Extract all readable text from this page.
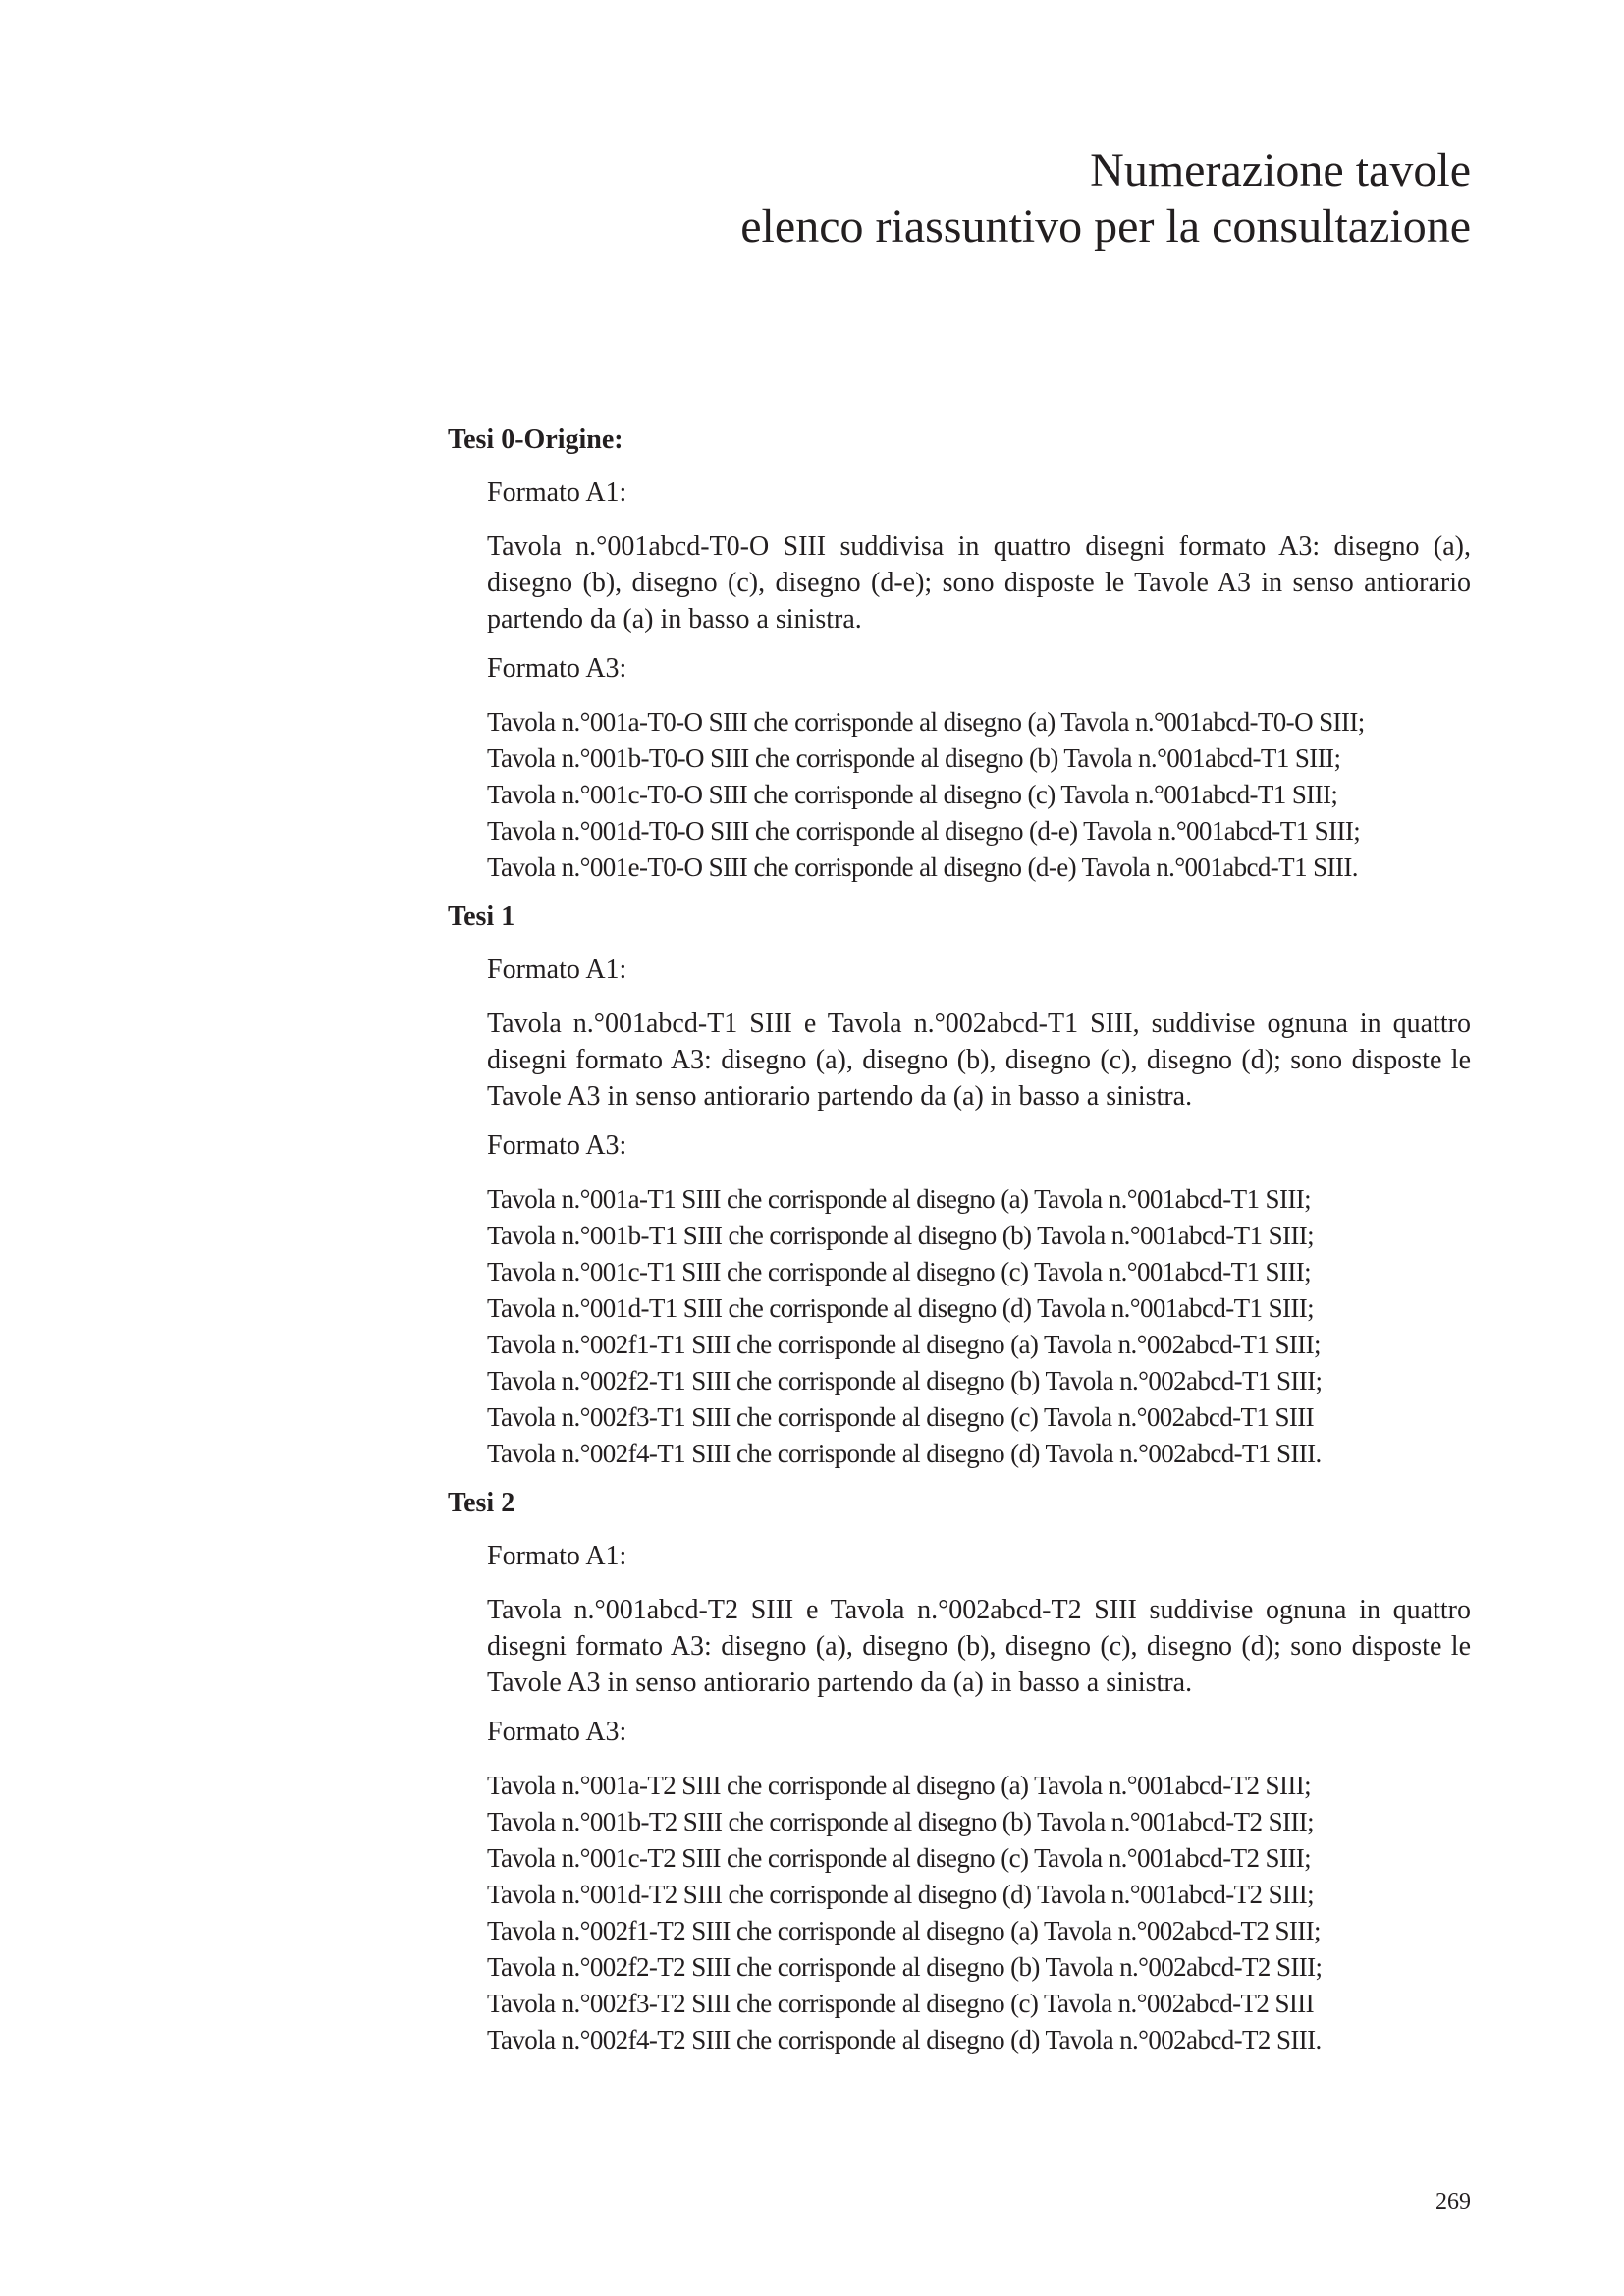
Numerazione tavole
elenco riassuntivo per la consultazione
Tesi 0-Origine:
Formato A1:

Tavola n.°001abcd-T0-O SIII suddivisa in quattro disegni formato A3: disegno (a), disegno (b), disegno (c), disegno (d-e); sono disposte le Tavole A3 in senso antiorario partendo da (a) in basso a sinistra.

Formato A3:
Tavola n.°001a-T0-O SIII che corrisponde al disegno (a) Tavola n.°001abcd-T0-O SIII;
Tavola n.°001b-T0-O SIII che corrisponde al disegno (b) Tavola n.°001abcd-T1 SIII;
Tavola n.°001c-T0-O SIII che corrisponde al disegno (c) Tavola n.°001abcd-T1 SIII;
Tavola n.°001d-T0-O SIII che corrisponde al disegno (d-e) Tavola n.°001abcd-T1 SIII;
Tavola n.°001e-T0-O SIII che corrisponde al disegno (d-e) Tavola n.°001abcd-T1 SIII.
Tesi 1
Formato A1:

Tavola n.°001abcd-T1 SIII e Tavola n.°002abcd-T1 SIII, suddivise ognuna in quattro disegni formato A3: disegno (a), disegno (b), disegno (c), disegno (d); sono disposte le Tavole A3 in senso antiorario partendo da (a) in basso a sinistra.

Formato A3:
Tavola n.°001a-T1 SIII che corrisponde al disegno (a) Tavola n.°001abcd-T1 SIII;
Tavola n.°001b-T1 SIII che corrisponde al disegno (b) Tavola n.°001abcd-T1 SIII;
Tavola n.°001c-T1 SIII che corrisponde al disegno (c) Tavola n.°001abcd-T1 SIII;
Tavola n.°001d-T1 SIII che corrisponde al disegno (d) Tavola n.°001abcd-T1 SIII;
Tavola n.°002f1-T1 SIII che corrisponde al disegno (a) Tavola n.°002abcd-T1 SIII;
Tavola n.°002f2-T1 SIII che corrisponde al disegno (b) Tavola n.°002abcd-T1 SIII;
Tavola n.°002f3-T1 SIII che corrisponde al disegno (c) Tavola n.°002abcd-T1 SIII
Tavola n.°002f4-T1 SIII che corrisponde al disegno (d) Tavola n.°002abcd-T1 SIII.
Tesi 2
Formato A1:

Tavola n.°001abcd-T2 SIII e Tavola n.°002abcd-T2 SIII suddivise ognuna in quattro disegni formato A3: disegno (a), disegno (b), disegno (c), disegno (d); sono disposte le Tavole A3 in senso antiorario partendo da (a) in basso a sinistra.

Formato A3:
Tavola n.°001a-T2 SIII che corrisponde al disegno (a) Tavola n.°001abcd-T2 SIII;
Tavola n.°001b-T2 SIII che corrisponde al disegno (b) Tavola n.°001abcd-T2 SIII;
Tavola n.°001c-T2 SIII che corrisponde al disegno (c) Tavola n.°001abcd-T2 SIII;
Tavola n.°001d-T2 SIII che corrisponde al disegno (d) Tavola n.°001abcd-T2 SIII;
Tavola n.°002f1-T2 SIII che corrisponde al disegno (a) Tavola n.°002abcd-T2 SIII;
Tavola n.°002f2-T2 SIII che corrisponde al disegno (b) Tavola n.°002abcd-T2 SIII;
Tavola n.°002f3-T2 SIII che corrisponde al disegno (c) Tavola n.°002abcd-T2 SIII
Tavola n.°002f4-T2 SIII che corrisponde al disegno (d) Tavola n.°002abcd-T2 SIII.
269
